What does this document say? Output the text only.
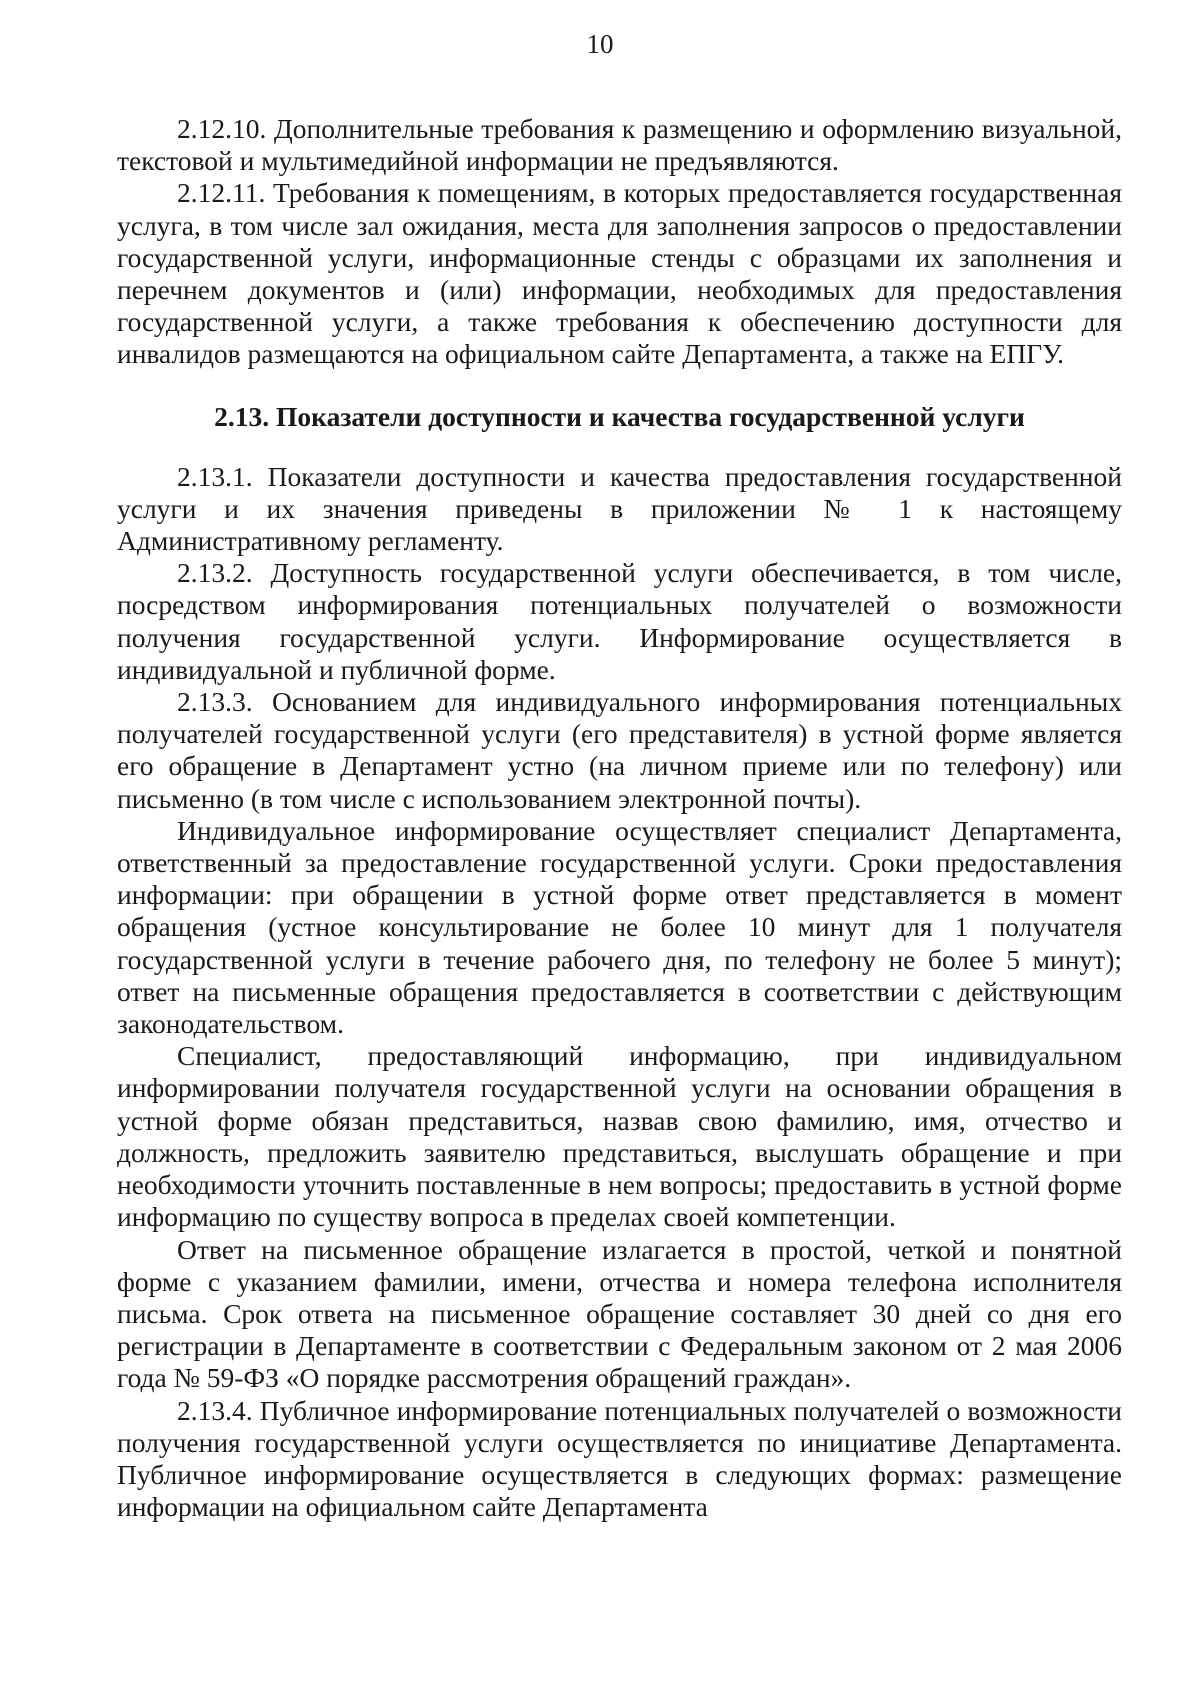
10

2.12.10. Дополнительные требования к размещению и оформлению визуальной, текстовой и мультимедийной информации не предъявляются.

2.12.11. Требования к помещениям, в которых предоставляется государственная услуга, в том числе зал ожидания, места для заполнения запросов о предоставлении государственной услуги, информационные стенды с образцами их заполнения и перечнем документов и (или) информации, необходимых для предоставления государственной услуги, а также требования к обеспечению доступности для инвалидов размещаются на официальном сайте Департамента, а также на ЕПГУ.

2.13. Показатели доступности и качества государственной услуги

2.13.1. Показатели доступности и качества предоставления государственной услуги и их значения приведены в приложении № 1 к настоящему Административному регламенту.

2.13.2. Доступность государственной услуги обеспечивается, в том числе, посредством информирования потенциальных получателей о возможности получения государственной услуги. Информирование осуществляется в индивидуальной и публичной форме.

2.13.3. Основанием для индивидуального информирования потенциальных получателей государственной услуги (его представителя) в устной форме является его обращение в Департамент устно (на личном приеме или по телефону) или письменно (в том числе с использованием электронной почты).

Индивидуальное информирование осуществляет специалист Департамента, ответственный за предоставление государственной услуги. Сроки предоставления информации: при обращении в устной форме ответ представляется в момент обращения (устное консультирование не более 10 минут для 1 получателя государственной услуги в течение рабочего дня, по телефону не более 5 минут); ответ на письменные обращения предоставляется в соответствии с действующим законодательством.

Специалист, предоставляющий информацию, при индивидуальном информировании получателя государственной услуги на основании обращения в устной форме обязан представиться, назвав свою фамилию, имя, отчество и должность, предложить заявителю представиться, выслушать обращение и при необходимости уточнить поставленные в нем вопросы; предоставить в устной форме информацию по существу вопроса в пределах своей компетенции.

Ответ на письменное обращение излагается в простой, четкой и понятной форме с указанием фамилии, имени, отчества и номера телефона исполнителя письма. Срок ответа на письменное обращение составляет 30 дней со дня его регистрации в Департаменте в соответствии с Федеральным законом от 2 мая 2006 года № 59-ФЗ «О порядке рассмотрения обращений граждан».

2.13.4. Публичное информирование потенциальных получателей о возможности получения государственной услуги осуществляется по инициативе Департамента. Публичное информирование осуществляется в следующих формах: размещение информации на официальном сайте Департамента
